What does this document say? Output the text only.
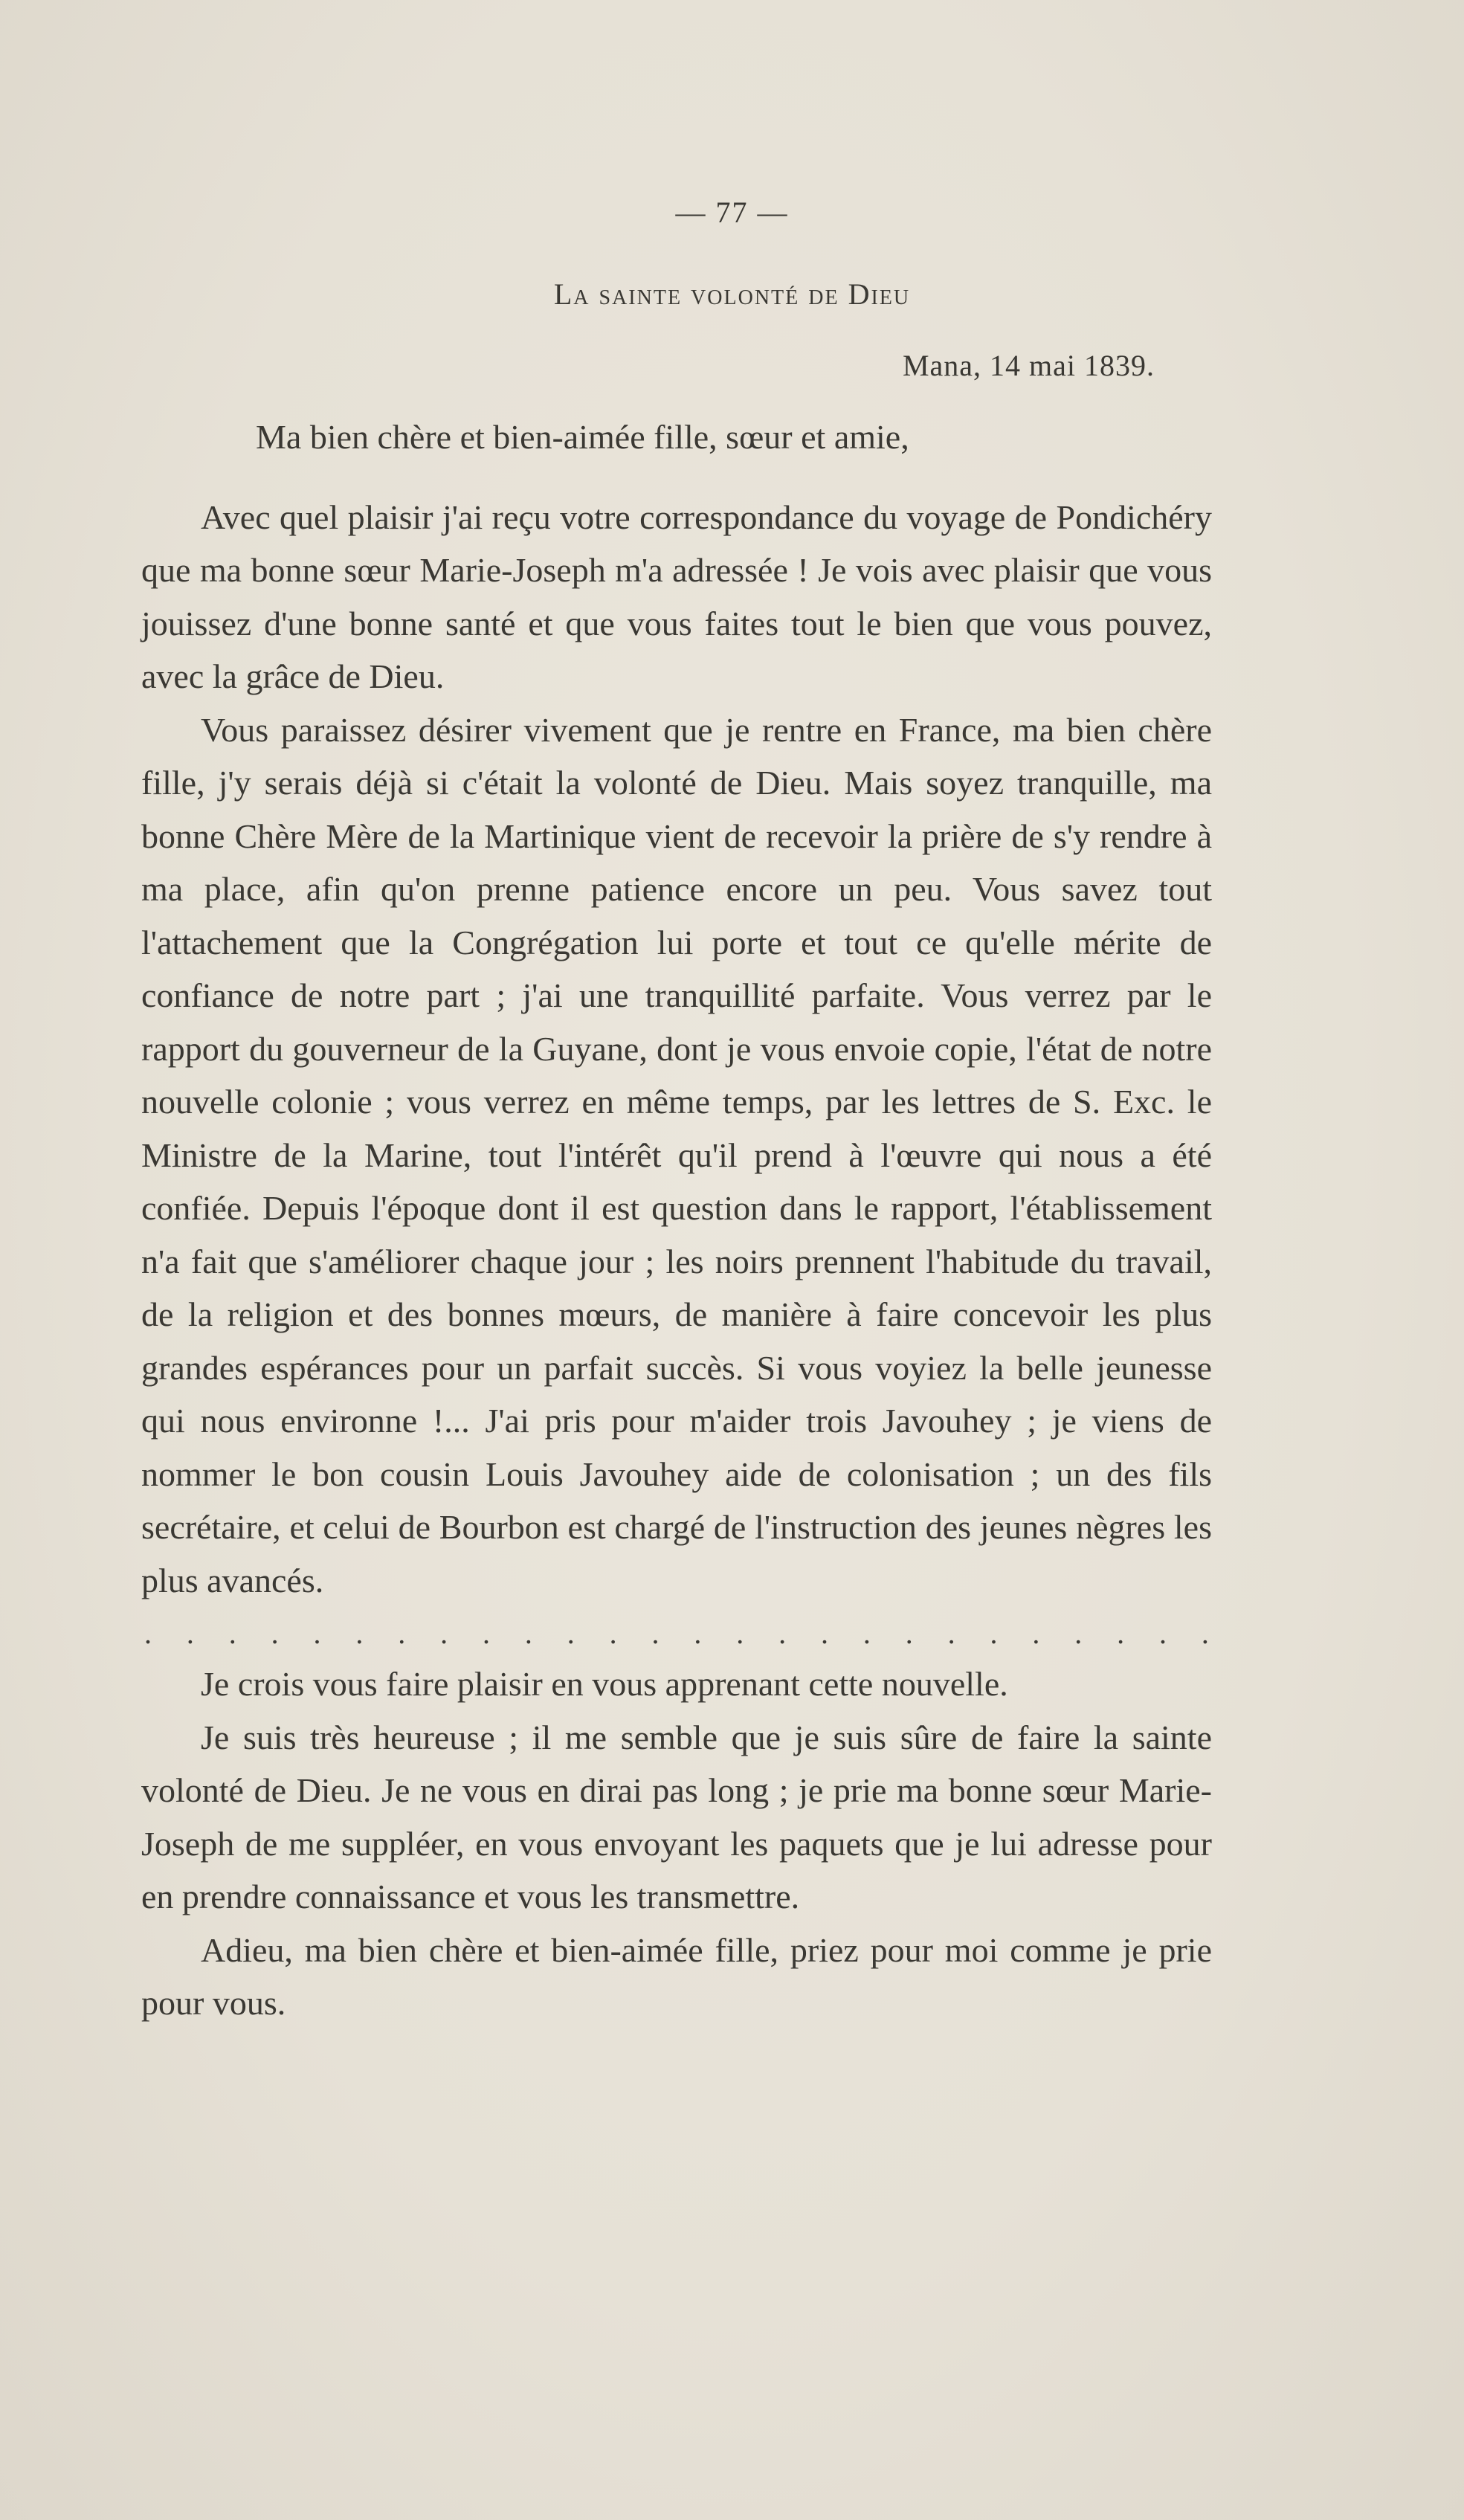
— 77 —
La sainte volonté de Dieu
Mana, 14 mai 1839.

Ma bien chère et bien-aimée fille, sœur et amie,

Avec quel plaisir j'ai reçu votre correspondance du voyage de Pondichéry que ma bonne sœur Marie-Joseph m'a adressée ! Je vois avec plaisir que vous jouissez d'une bonne santé et que vous faites tout le bien que vous pouvez, avec la grâce de Dieu.

Vous paraissez désirer vivement que je rentre en France, ma bien chère fille, j'y serais déjà si c'était la volonté de Dieu. Mais soyez tranquille, ma bonne Chère Mère de la Martinique vient de recevoir la prière de s'y rendre à ma place, afin qu'on prenne patience encore un peu. Vous savez tout l'attachement que la Congrégation lui porte et tout ce qu'elle mérite de confiance de notre part ; j'ai une tranquillité parfaite. Vous verrez par le rapport du gouverneur de la Guyane, dont je vous envoie copie, l'état de notre nouvelle colonie ; vous verrez en même temps, par les lettres de S. Exc. le Ministre de la Marine, tout l'intérêt qu'il prend à l'œuvre qui nous a été confiée. Depuis l'époque dont il est question dans le rapport, l'établissement n'a fait que s'améliorer chaque jour ; les noirs prennent l'habitude du travail, de la religion et des bonnes mœurs, de manière à faire concevoir les plus grandes espérances pour un parfait succès. Si vous voyiez la belle jeunesse qui nous environne !... J'ai pris pour m'aider trois Javouhey ; je viens de nommer le bon cousin Louis Javouhey aide de colonisation ; un des fils secrétaire, et celui de Bourbon est chargé de l'instruction des jeunes nègres les plus avancés.

. . . . . . . . . . . . . . . . . . . . . . . . . .

Je crois vous faire plaisir en vous apprenant cette nouvelle.

Je suis très heureuse ; il me semble que je suis sûre de faire la sainte volonté de Dieu. Je ne vous en dirai pas long ; je prie ma bonne sœur Marie-Joseph de me suppléer, en vous envoyant les paquets que je lui adresse pour en prendre connaissance et vous les transmettre.

Adieu, ma bien chère et bien-aimée fille, priez pour moi comme je prie pour vous.
